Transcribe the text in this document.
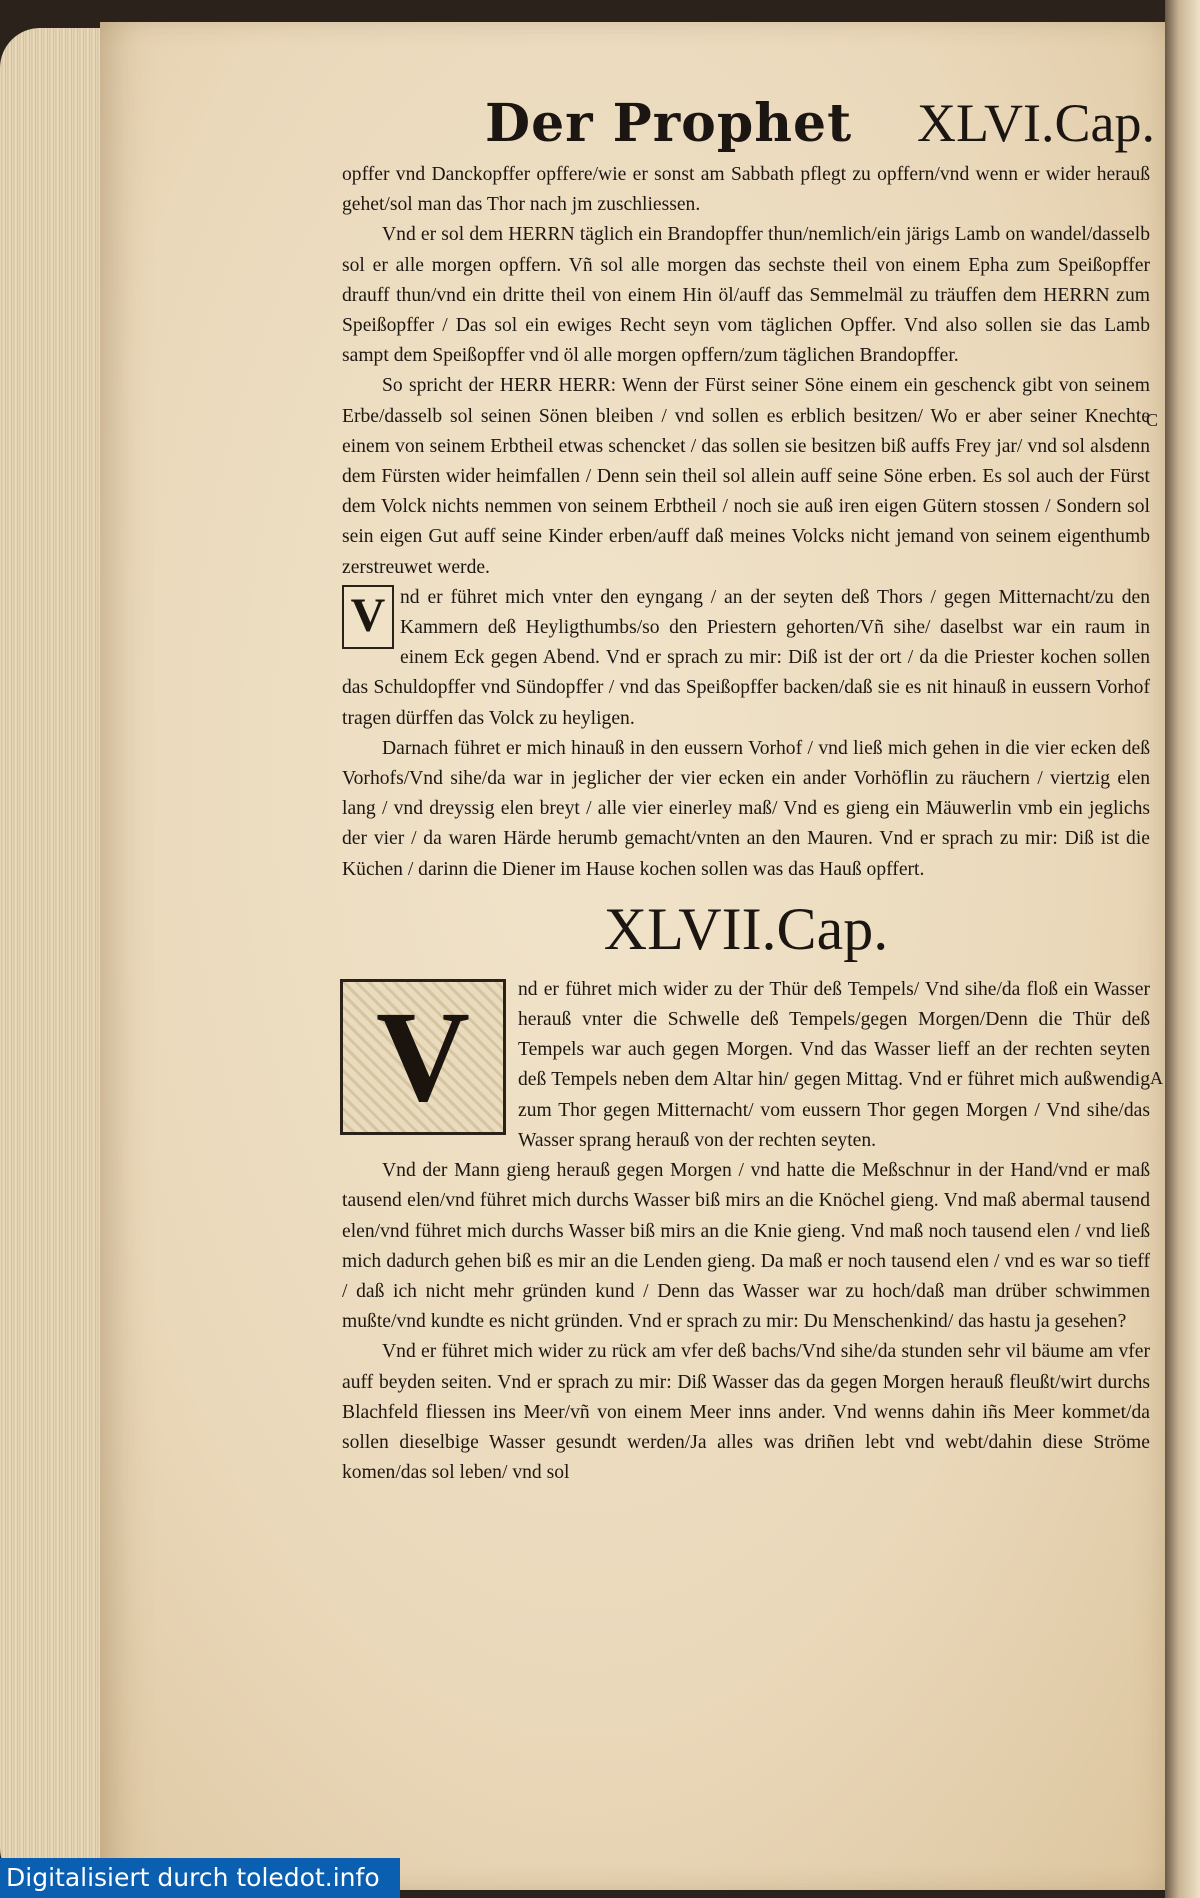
Der Prophet XLVI.Cap.
C
A

opffer vnd Danckopffer opffere/wie er sonst am Sabbath pflegt zu opffern/vnd wenn er wider herauß gehet/sol man das Thor nach jm zuschliessen.

Vnd er sol dem HERRN täglich ein Brandopffer thun/nemlich/ein järigs Lamb on wandel/dasselb sol er alle morgen opffern. Vñ sol alle morgen das sechste theil von einem Epha zum Speißopffer drauff thun/vnd ein dritte theil von einem Hin öl/auff das Semmelmäl zu träuffen dem HERRN zum Speißopffer / Das sol ein ewiges Recht seyn vom täglichen Opffer. Vnd also sollen sie das Lamb sampt dem Speißopffer vnd öl alle morgen opffern/zum täglichen Brandopffer.

So spricht der HERR HERR: Wenn der Fürst seiner Söne einem ein geschenck gibt von seinem Erbe/dasselb sol seinen Sönen bleiben / vnd sollen es erblich besitzen/ Wo er aber seiner Knechte einem von seinem Erbtheil etwas schencket / das sollen sie besitzen biß auffs Frey jar/ vnd sol alsdenn dem Fürsten wider heimfallen / Denn sein theil sol allein auff seine Söne erben. Es sol auch der Fürst dem Volck nichts nemmen von seinem Erbtheil / noch sie auß iren eigen Gütern stossen / Sondern sol sein eigen Gut auff seine Kinder erben/auff daß meines Volcks nicht jemand von seinem eigenthumb zerstreuwet werde.

V nd er führet mich vnter den eyngang / an der seyten deß Thors / gegen Mitternacht/zu den Kammern deß Heyligthumbs/so den Priestern gehorten/Vñ sihe/ daselbst war ein raum in einem Eck gegen Abend. Vnd er sprach zu mir: Diß ist der ort / da die Priester kochen sollen das Schuldopffer vnd Sündopffer / vnd das Speißopffer backen/daß sie es nit hinauß in eussern Vorhof tragen dürffen das Volck zu heyligen.

Darnach führet er mich hinauß in den eussern Vorhof / vnd ließ mich gehen in die vier ecken deß Vorhofs/Vnd sihe/da war in jeglicher der vier ecken ein ander Vorhöflin zu räuchern / viertzig elen lang / vnd dreyssig elen breyt / alle vier einerley maß/ Vnd es gieng ein Mäuwerlin vmb ein jeglichs der vier / da waren Härde herumb gemacht/vnten an den Mauren. Vnd er sprach zu mir: Diß ist die Küchen / darinn die Diener im Hause kochen sollen was das Hauß opffert.

XLVII.Cap.

V	nd er führet mich wider zu der Thür deß Tempels/ Vnd sihe/da floß ein Wasser herauß vnter die Schwelle deß Tempels/gegen Morgen/Denn die Thür deß Tempels war auch gegen Morgen. Vnd das Wasser lieff an der rechten seyten deß Tempels neben dem Altar hin/ gegen Mittag. Vnd er führet mich außwendig zum Thor gegen Mitternacht/ vom eussern Thor gegen Morgen / Vnd sihe/das Wasser sprang herauß von der rechten seyten.

Vnd der Mann gieng herauß gegen Morgen / vnd hatte die Meßschnur in der Hand/vnd er maß tausend elen/vnd führet mich durchs Wasser biß mirs an die Knöchel gieng. Vnd maß abermal tausend elen/vnd führet mich durchs Wasser biß mirs an die Knie gieng. Vnd maß noch tausend elen / vnd ließ mich dadurch gehen biß es mir an die Lenden gieng. Da maß er noch tausend elen / vnd es war so tieff / daß ich nicht mehr gründen kund / Denn das Wasser war zu hoch/daß man drüber schwimmen mußte/vnd kundte es nicht gründen. Vnd er sprach zu mir: Du Menschenkind/ das hastu ja gesehen?

Vnd er führet mich wider zu rück am vfer deß bachs/Vnd sihe/da stunden sehr vil bäume am vfer auff beyden seiten. Vnd er sprach zu mir: Diß Wasser das da gegen Morgen herauß fleußt/wirt durchs Blachfeld fliessen ins Meer/vñ von einem Meer inns ander. Vnd wenns dahin iñs Meer kommet/da sollen dieselbige Wasser gesundt werden/Ja alles was driñen lebt vnd webt/dahin diese Ströme komen/das sol leben/ vnd sol

Digitalisiert durch toledot.info
